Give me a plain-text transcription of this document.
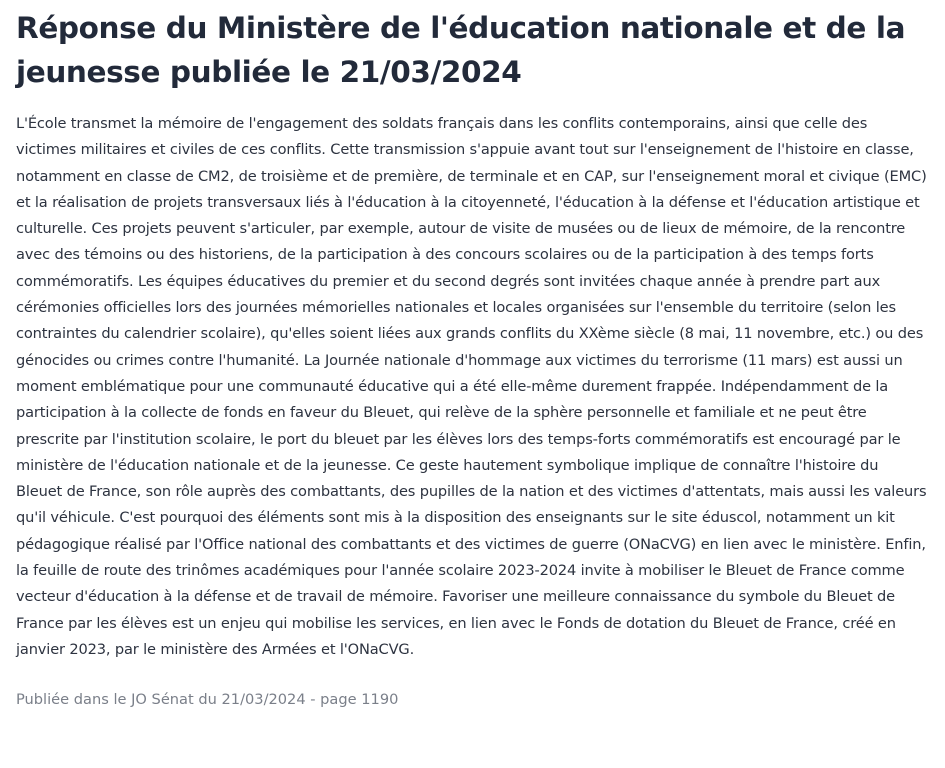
Réponse du Ministère de l'éducation nationale et de la jeunesse publiée le 21/03/2024

L'École transmet la mémoire de l'engagement des soldats français dans les conflits contemporains, ainsi que celle des victimes militaires et civiles de ces conflits. Cette transmission s'appuie avant tout sur l'enseignement de l'histoire en classe, notamment en classe de CM2, de troisième et de première, de terminale et en CAP, sur l'enseignement moral et civique (EMC) et la réalisation de projets transversaux liés à l'éducation à la citoyenneté, l'éducation à la défense et l'éducation artistique et culturelle. Ces projets peuvent s'articuler, par exemple, autour de visite de musées ou de lieux de mémoire, de la rencontre avec des témoins ou des historiens, de la participation à des concours scolaires ou de la participation à des temps forts commémoratifs. Les équipes éducatives du premier et du second degrés sont invitées chaque année à prendre part aux cérémonies officielles lors des journées mémorielles nationales et locales organisées sur l'ensemble du territoire (selon les contraintes du calendrier scolaire), qu'elles soient liées aux grands conflits du XXème siècle (8 mai, 11 novembre, etc.) ou des génocides ou crimes contre l'humanité. La Journée nationale d'hommage aux victimes du terrorisme (11 mars) est aussi un moment emblématique pour une communauté éducative qui a été elle-même durement frappée. Indépendamment de la participation à la collecte de fonds en faveur du Bleuet, qui relève de la sphère personnelle et familiale et ne peut être prescrite par l'institution scolaire, le port du bleuet par les élèves lors des temps-forts commémoratifs est encouragé par le ministère de l'éducation nationale et de la jeunesse. Ce geste hautement symbolique implique de connaître l'histoire du Bleuet de France, son rôle auprès des combattants, des pupilles de la nation et des victimes d'attentats, mais aussi les valeurs qu'il véhicule. C'est pourquoi des éléments sont mis à la disposition des enseignants sur le site éduscol, notamment un kit pédagogique réalisé par l'Office national des combattants et des victimes de guerre (ONaCVG) en lien avec le ministère. Enfin, la feuille de route des trinômes académiques pour l'année scolaire 2023-2024 invite à mobiliser le Bleuet de France comme vecteur d'éducation à la défense et de travail de mémoire. Favoriser une meilleure connaissance du symbole du Bleuet de France par les élèves est un enjeu qui mobilise les services, en lien avec le Fonds de dotation du Bleuet de France, créé en janvier 2023, par le ministère des Armées et l'ONaCVG.

Publiée dans le JO Sénat du 21/03/2024 - page 1190
